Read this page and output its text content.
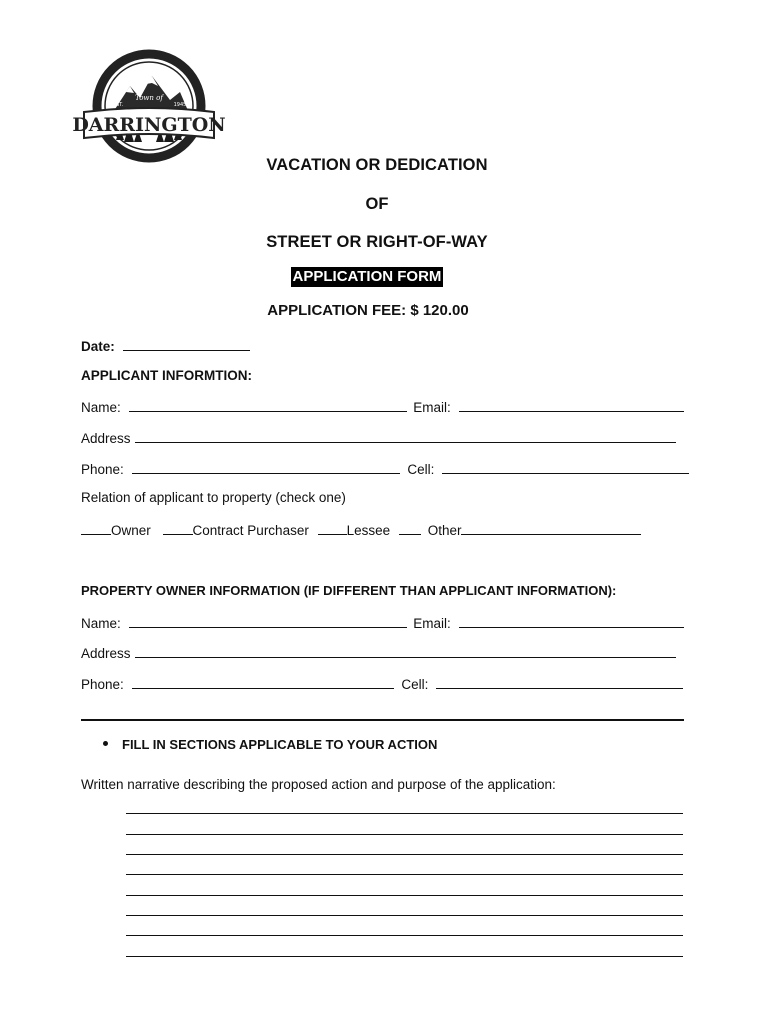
Town of
EST.	1945
DARRINGTON
VACATION OR DEDICATION
OF
STREET OR RIGHT-OF-WAY
APPLICATION FORM
APPLICATION FEE: $ 120.00
Date:
APPLICANT INFORMTION:
Name:	Email:
Address
Phone:	Cell:
Relation of applicant to property (check one)
Owner	Contract Purchaser	Lessee	Other
PROPERTY OWNER INFORMATION (IF DIFFERENT THAN APPLICANT INFORMATION):
Name:	Email:
Address
Phone:	Cell:
FILL IN SECTIONS APPLICABLE TO YOUR ACTION
Written narrative describing the proposed action and purpose of the application:
